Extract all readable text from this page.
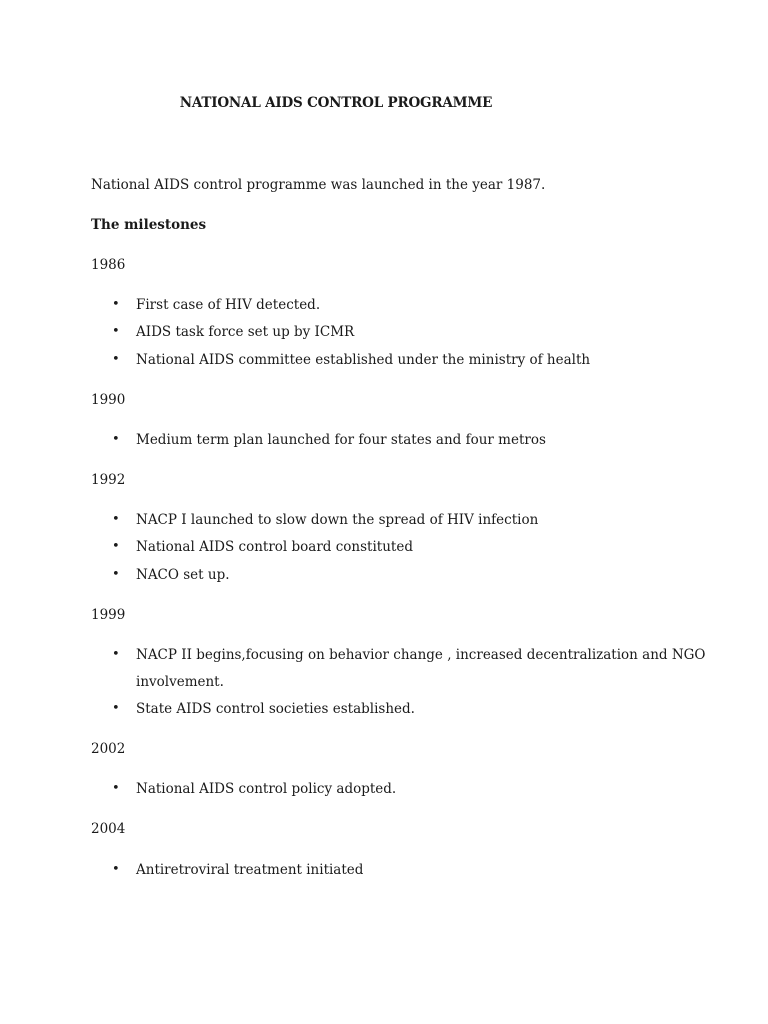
NATIONAL AIDS CONTROL PROGRAMME
National AIDS control programme was launched in the year 1987.
The milestones
1986
• First case of HIV detected.
• AIDS task force set up by ICMR
• National AIDS committee established under the ministry of health
1990
• Medium term plan launched for four states and four metros
1992
• NACP I launched to slow down the spread of HIV infection
• National AIDS control board constituted
• NACO set up.
1999
• NACP II begins,focusing on behavior change , increased decentralization and NGO
involvement.
• State AIDS control societies established.
2002
• National AIDS control policy adopted.
2004
• Antiretroviral treatment initiated
